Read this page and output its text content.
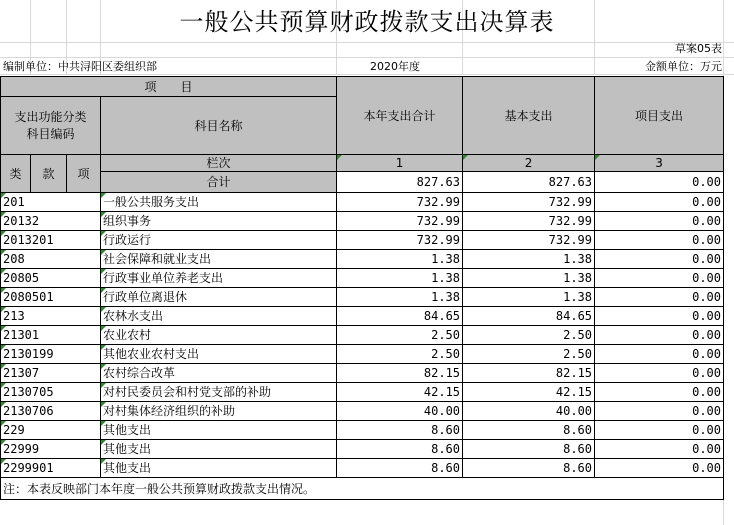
一般公共预算财政拨款支出决算表
草案05表
编制单位：中共浔阳区委组织部	2020年度	金额单位：万元
项　　目				本年支出合计	基本支出	项目支出
支出功能分类
科目编码			科目名称			

类	款	项	栏次	1	2	3
			合计	827.63	827.63	0.00
201			一般公共服务支出	732.99	732.99	0.00
20132			组织事务	732.99	732.99	0.00
2013201			行政运行	732.99	732.99	0.00
208			社会保障和就业支出	1.38	1.38	0.00
20805			行政事业单位养老支出	1.38	1.38	0.00
2080501			行政单位离退休	1.38	1.38	0.00
213			农林水支出	84.65	84.65	0.00
21301			农业农村	2.50	2.50	0.00
2130199			其他农业农村支出	2.50	2.50	0.00
21307			农村综合改革	82.15	82.15	0.00
2130705			对村民委员会和村党支部的补助	42.15	42.15	0.00
2130706			对村集体经济组织的补助	40.00	40.00	0.00
229			其他支出	8.60	8.60	0.00
22999			其他支出	8.60	8.60	0.00
2299901			其他支出	8.60	8.60	0.00
注：本表反映部门本年度一般公共预算财政拨款支出情况。						
